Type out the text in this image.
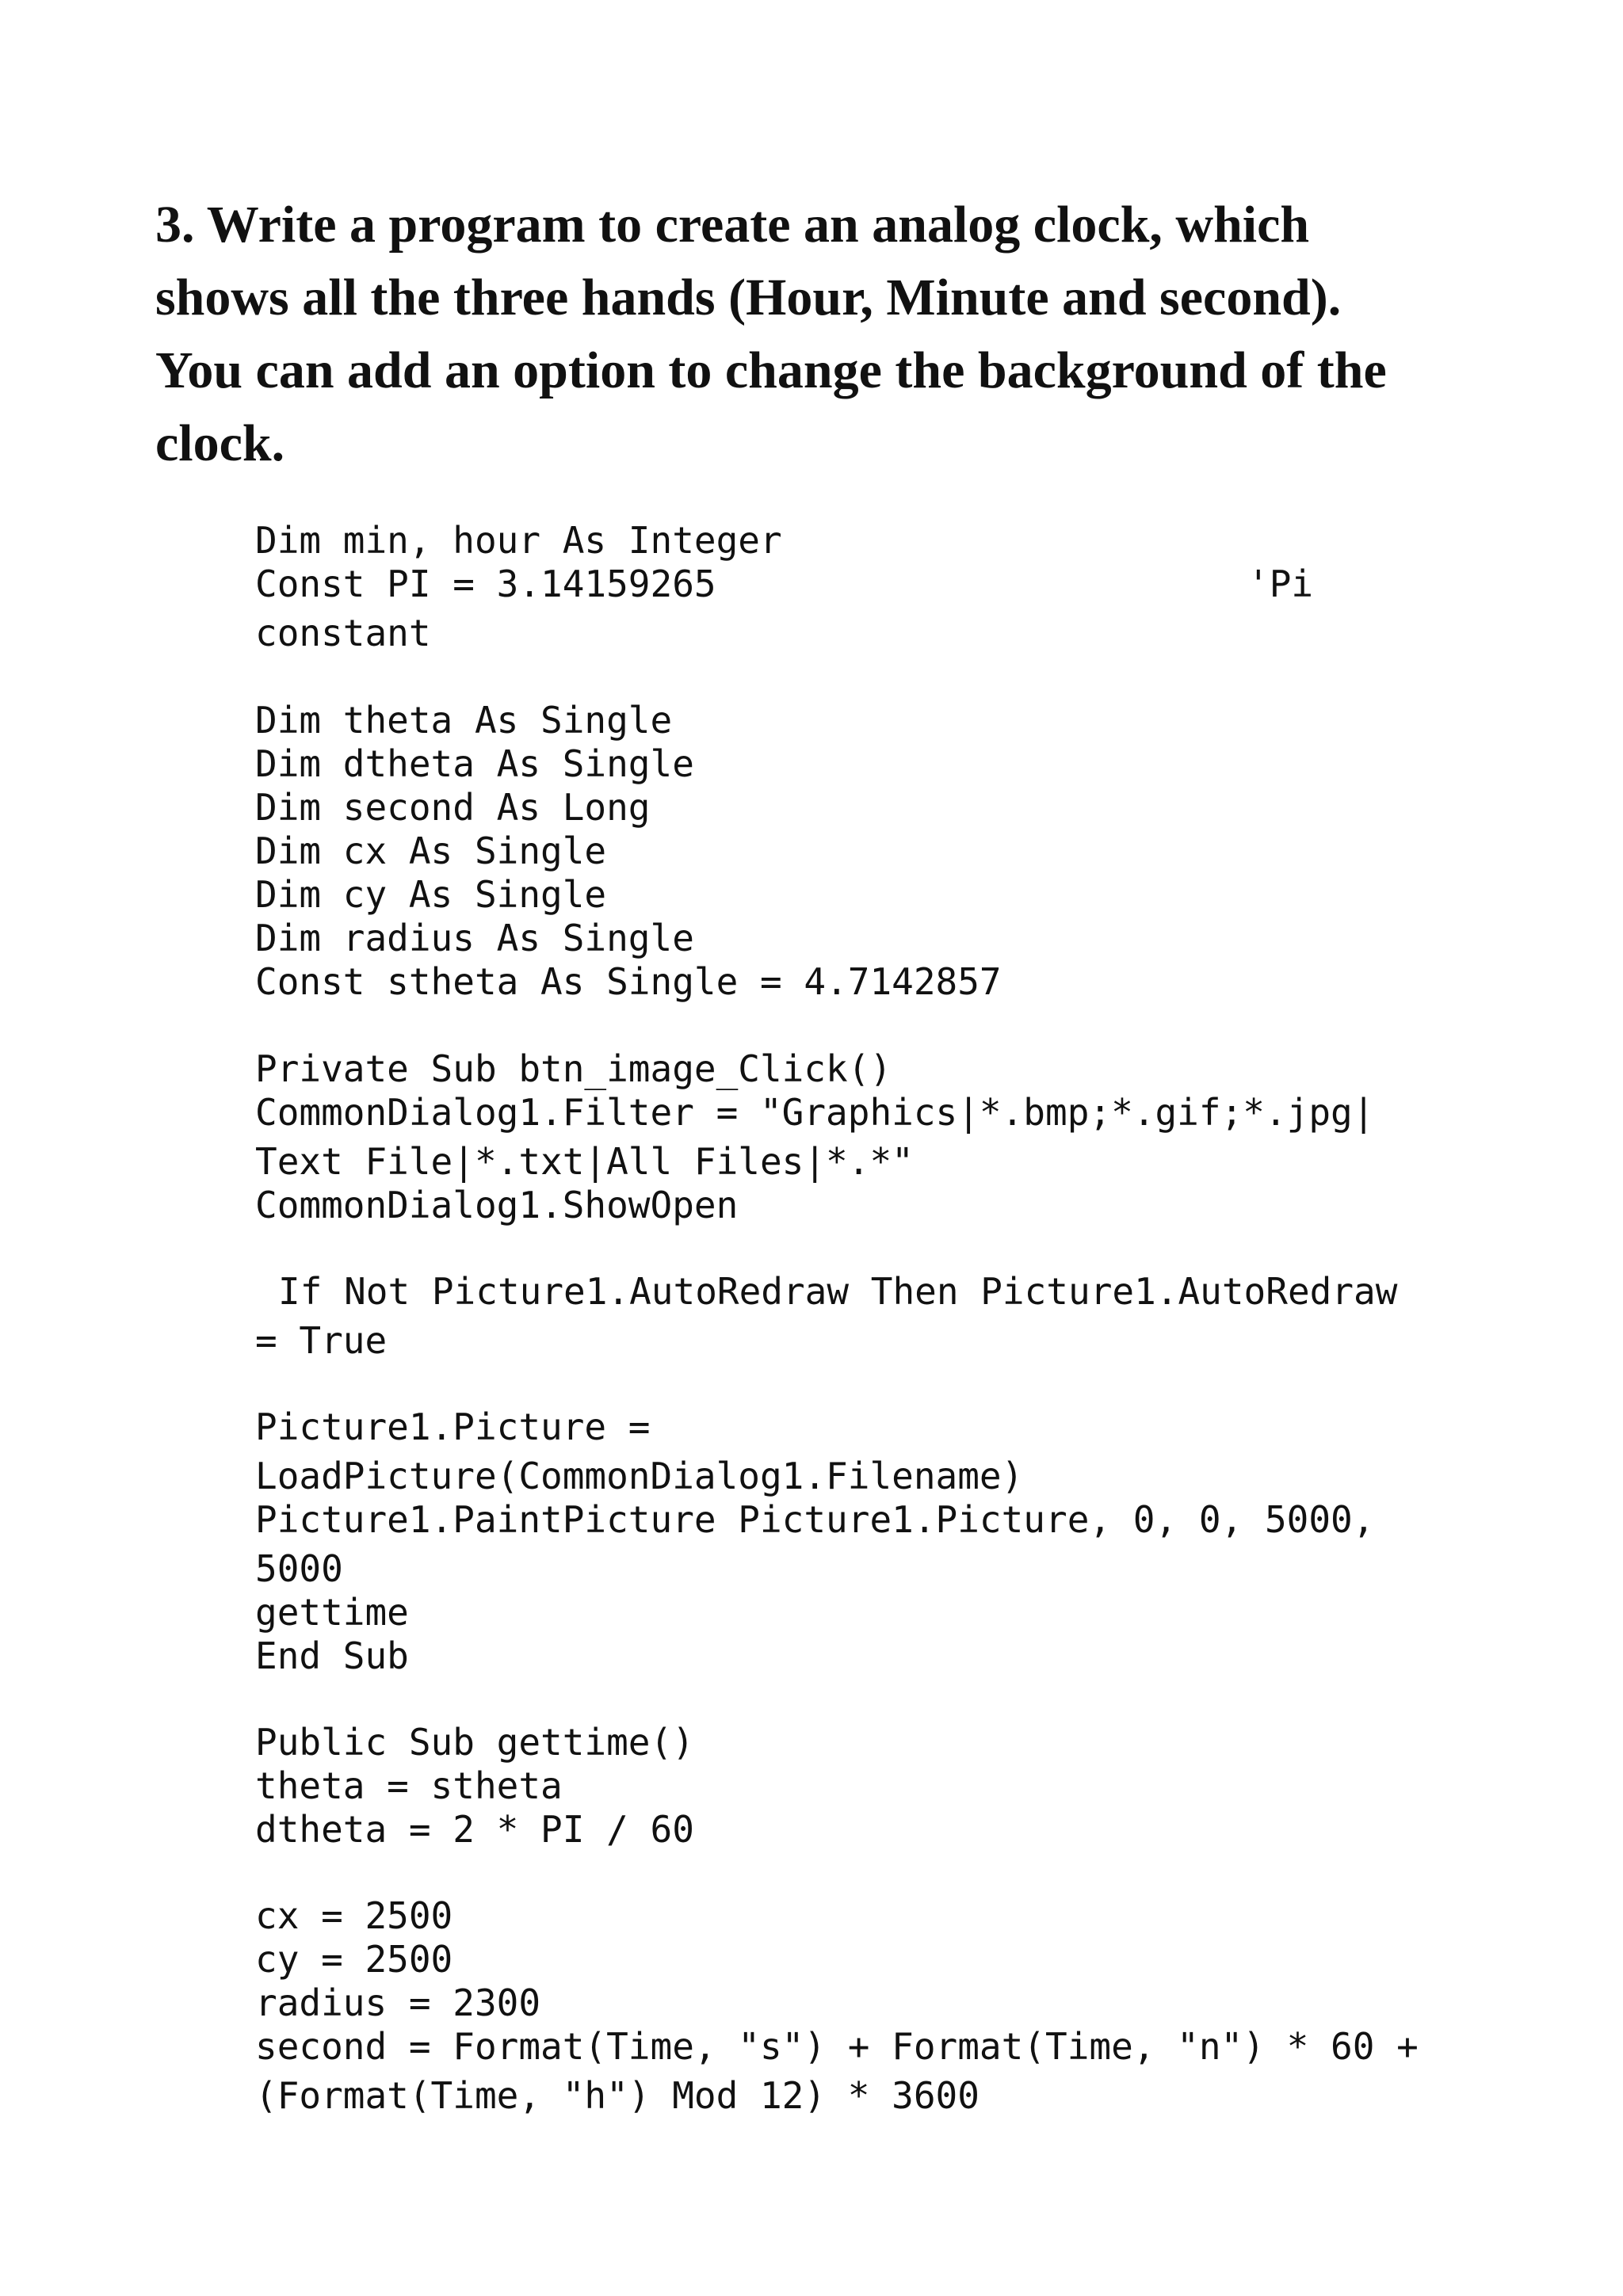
3. Write a program to create an analog clock, which
shows all the three hands (Hour, Minute and second).
You can add an option to change the background of the
clock.
Dim min, hour As Integer
Const PI = 3.14159265	'Pi
constant
Dim theta As Single
Dim dtheta As Single
Dim second As Long
Dim cx As Single
Dim cy As Single
Dim radius As Single
Const stheta As Single = 4.7142857
Private Sub btn_image_Click()
CommonDialog1.Filter = "Graphics|*.bmp;*.gif;*.jpg|
Text File|*.txt|All Files|*.*"
CommonDialog1.ShowOpen
If Not Picture1.AutoRedraw Then Picture1.AutoRedraw
= True
Picture1.Picture =
LoadPicture(CommonDialog1.Filename)
Picture1.PaintPicture Picture1.Picture, 0, 0, 5000,
5000
gettime
End Sub
Public Sub gettime()
theta = stheta
dtheta = 2 * PI / 60
cx = 2500
cy = 2500
radius = 2300
second = Format(Time, "s") + Format(Time, "n") * 60 +
(Format(Time, "h") Mod 12) * 3600
